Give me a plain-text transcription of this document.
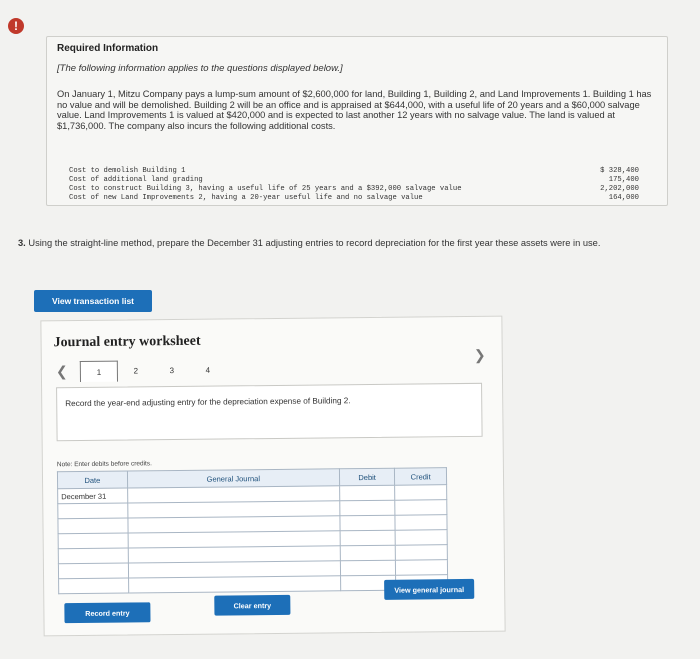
!
Required Information
[The following information applies to the questions displayed below.]
On January 1, Mitzu Company pays a lump-sum amount of $2,600,000 for land, Building 1, Building 2, and Land Improvements 1. Building 1 has no value and will be demolished. Building 2 will be an office and is appraised at $644,000, with a useful life of 20 years and a $60,000 salvage value. Land Improvements 1 is valued at $420,000 and is expected to last another 12 years with no salvage value. The land is valued at $1,736,000. The company also incurs the following additional costs.
Cost to demolish Building 1	$ 328,400
Cost of additional land grading	175,400
Cost to construct Building 3, having a useful life of 25 years and a $392,000 salvage value	2,202,000
Cost of new Land Improvements 2, having a 20-year useful life and no salvage value	164,000
3. Using the straight-line method, prepare the December 31 adjusting entries to record depreciation for the first year these assets were in use.
View transaction list
Journal entry worksheet
❮
❯
1	2	3	4
Record the year-end adjusting entry for the depreciation expense of Building 2.
Note: Enter debits before credits.
Date	General Journal	Debit	Credit
December 31			

Record entry
Clear entry
View general journal
